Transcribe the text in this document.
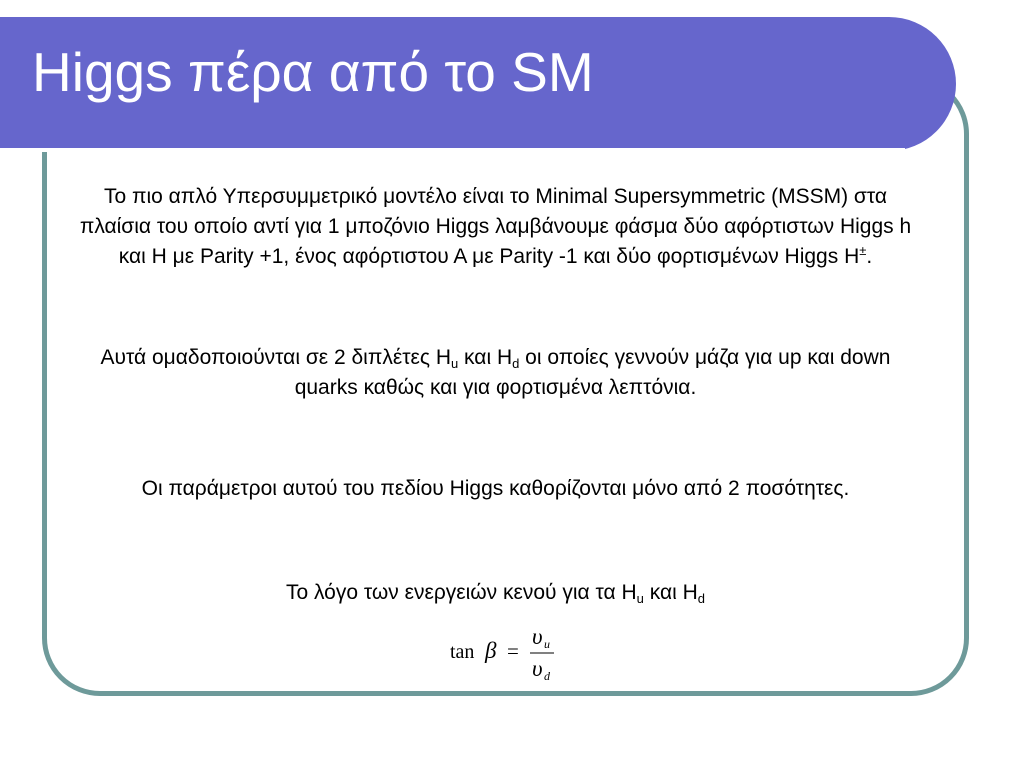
Higgs πέρα από το SM

Το πιο απλό Υπερσυμμετρικό μοντέλο είναι το Minimal Supersymmetric (MSSM) στα πλαίσια του οποίο αντί για 1 μποζόνιο Higgs λαμβάνουμε φάσμα δύο αφόρτιστων Higgs h και H με Parity +1, ένος αφόρτιστου Α με Parity -1 και δύο φορτισμένων Higgs H±.

Αυτά ομαδοποιούνται σε 2 διπλέτες $H_u$ και $H_d$ οι οποίες γεννούν μάζα για up και down quarks καθώς και για φορτισμένα λεπτόνια.

Οι παράμετροι αυτού του πεδίου Higgs καθορίζονται μόνο από 2 ποσότητες.

Το λόγο των ενεργειών κενού για τα $H_u$ και $H_d$

tan β =
υ u
υ d
